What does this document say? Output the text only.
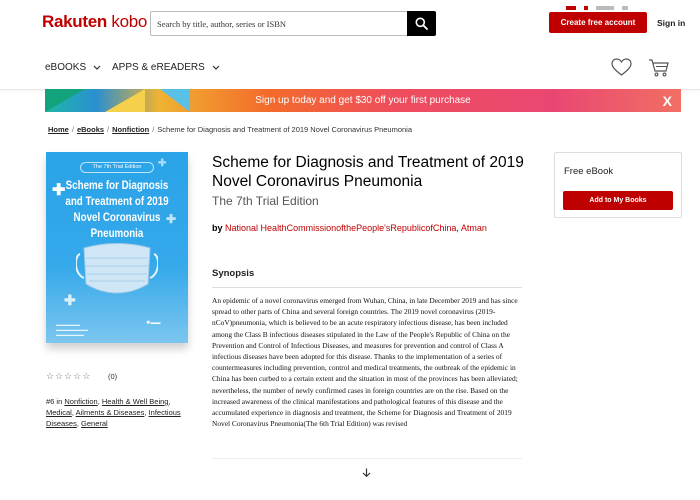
Rakuten kobo
Search by title, author, series or ISBN	Create free account	Sign in
eBOOKS	APPS & eREADERS
Sign up today and get $30 off your first purchase	X
Home / eBooks / Nonfiction / Scheme for Diagnosis and Treatment of 2019 Novel Coronavirus Pneumonia
The 7th Trial Edition
✚
✚
✚
✚
Scheme for Diagnosis and Treatment of 2019 Novel Coronavirus Pneumonia
▬▬▬▬▬▬
▬▬▬▬▬▬▬▬
▬▬▬▬▬▬▬
❖▬▬
☆☆☆☆☆ (0)
#6 in Nonfiction, Health & Well Being, Medical, Ailments & Diseases, Infectious Diseases, General
Scheme for Diagnosis and Treatment of 2019 Novel Coronavirus Pneumonia
The 7th Trial Edition
by National HealthCommissionofthePeople'sRepublicofChina, Atman
Synopsis
An epidemic of a novel coronavirus emerged from Wuhan, China, in late December 2019 and has since spread to other parts of China and several foreign countries. The 2019 novel coronavirus (2019-nCoV)pneumonia, which is believed to be an acute respiratory infectious disease, has been included among the Class B infectious diseases stipulated in the Law of the People's Republic of China on the Prevention and Control of Infectious Diseases, and measures for prevention and control of Class A infectious diseases have been adopted for this disease. Thanks to the implementation of a series of countermeasures including prevention, control and medical treatments, the outbreak of the epidemic in China has been curbed to a certain extent and the situation in most of the provinces has been alleviated; nevertheless, the number of newly confirmed cases in foreign countries are on the rise. Based on the increased awareness of the clinical manifestations and pathological features of this disease and the accumulated experience in diagnosis and treatment, the Scheme for Diagnosis and Treatment of 2019 Novel Coronavirus Pneumonia(The 6th Trial Edition) was revised
Free eBook
Add to My Books
